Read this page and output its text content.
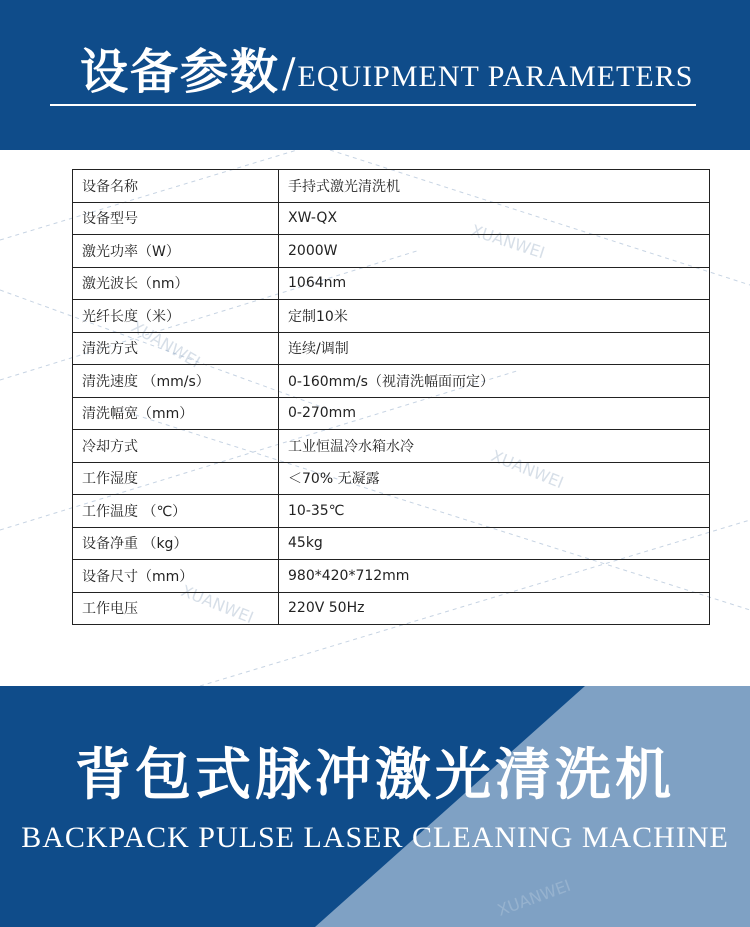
设备参数 / EQUIPMENT PARAMETERS
XUANWEI
XUANWEI
XUANWEI
XUANWEI
设备名称	手持式激光清洗机
设备型号	XW-QX
激光功率（W）	2000W
激光波长（nm）	1064nm
光纤长度（米）	定制10米
清洗方式	连续/调制
清洗速度 （mm/s）	0-160mm/s（视清洗幅面而定）
清洗幅宽（mm）	0-270mm
冷却方式	工业恒温冷水箱水冷
工作湿度	＜70% 无凝露
工作温度 （℃）	10-35℃
设备净重 （kg）	45kg
设备尺寸（mm）	980*420*712mm
工作电压	220V 50Hz
XUANWEI
背包式脉冲激光清洗机
BACKPACK PULSE LASER CLEANING MACHINE
